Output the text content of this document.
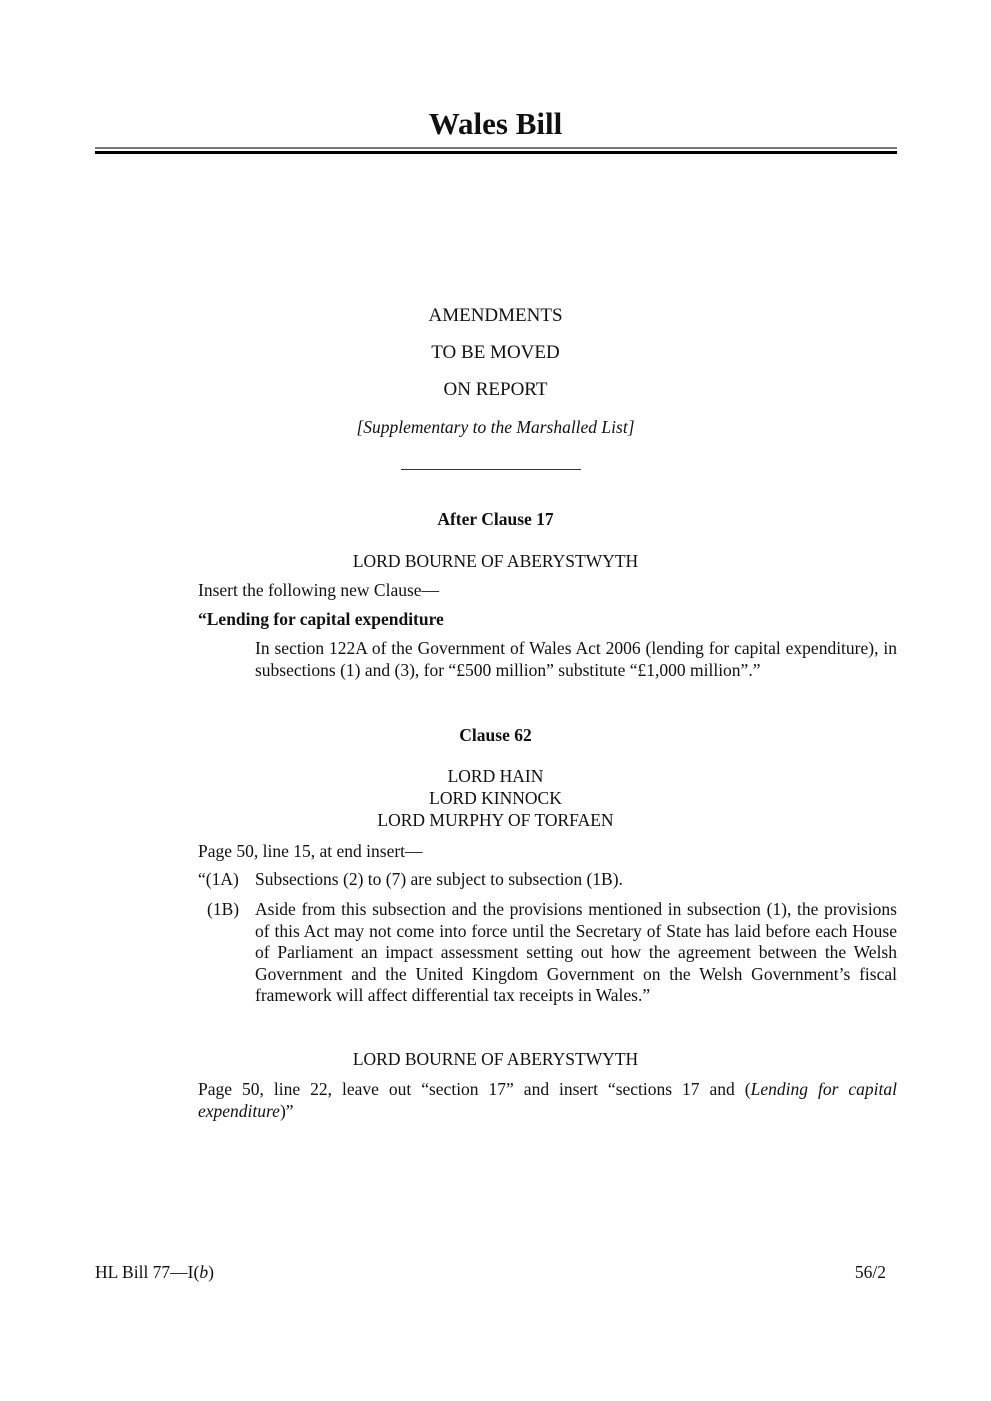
Wales Bill
AMENDMENTS
TO BE MOVED
ON REPORT
[Supplementary to the Marshalled List]
After Clause 17
LORD BOURNE OF ABERYSTWYTH
Insert the following new Clause—
“Lending for capital expenditure
In section 122A of the Government of Wales Act 2006 (lending for capital expenditure), in subsections (1) and (3), for “£500 million” substitute “£1,000 million”.”
Clause 62
LORD HAIN
LORD KINNOCK
LORD MURPHY OF TORFAEN
Page 50, line 15, at end insert—
“(1A) Subsections (2) to (7) are subject to subsection (1B).
(1B) Aside from this subsection and the provisions mentioned in subsection (1), the provisions of this Act may not come into force until the Secretary of State has laid before each House of Parliament an impact assessment setting out how the agreement between the Welsh Government and the United Kingdom Government on the Welsh Government’s fiscal framework will affect differential tax receipts in Wales.”
LORD BOURNE OF ABERYSTWYTH
Page 50, line 22, leave out “section 17” and insert “sections 17 and (Lending for capital expenditure)”
HL Bill 77—I(b)	56/2
